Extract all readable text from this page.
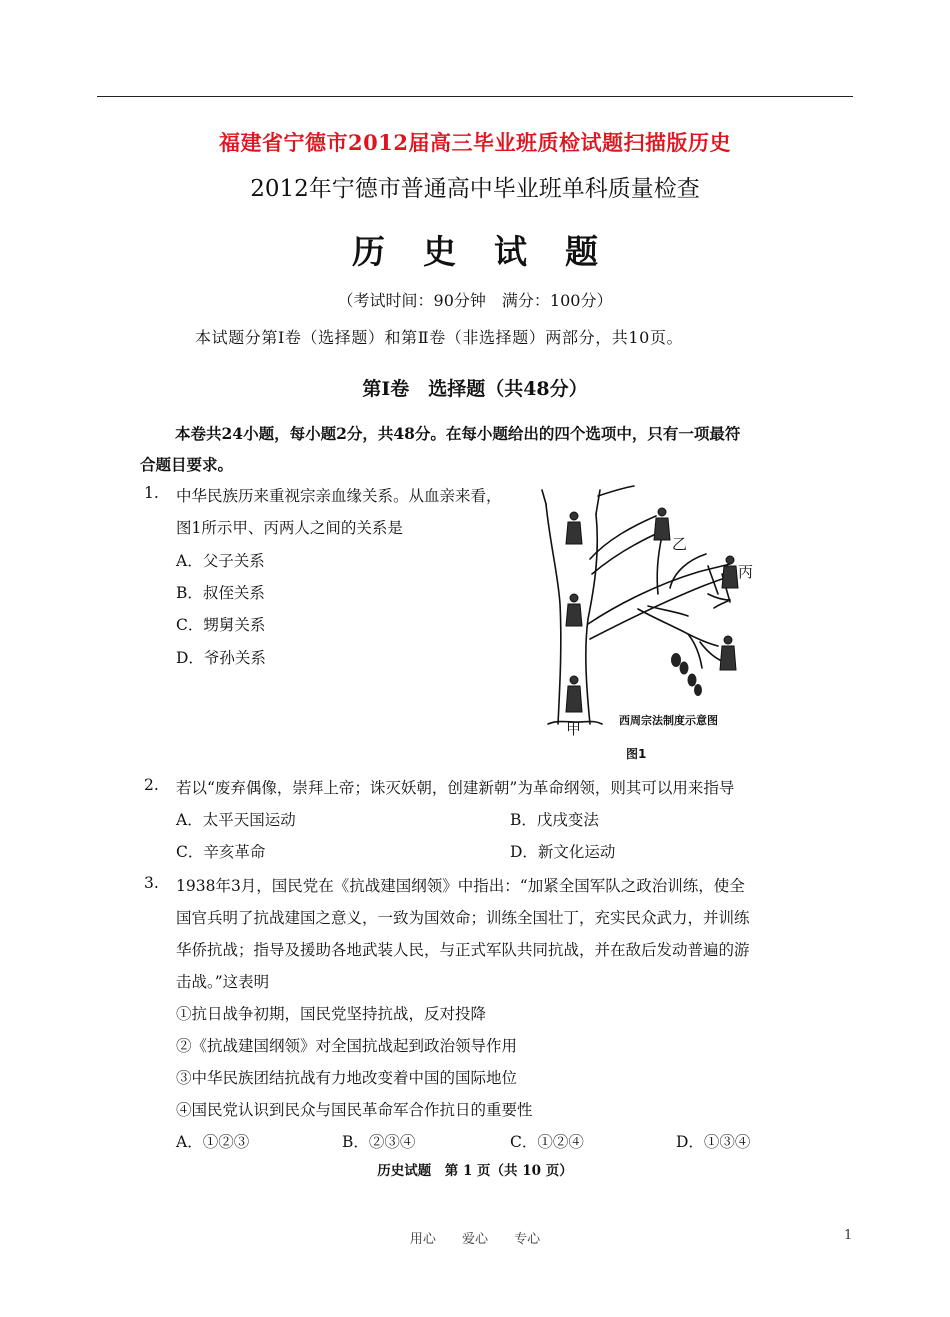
福建省宁德市2012届高三毕业班质检试题扫描版历史
2012年宁德市普通高中毕业班单科质量检查
历史试题
（考试时间：90分钟　满分：100分）
本试题分第Ⅰ卷（选择题）和第Ⅱ卷（非选择题）两部分，共10页。
第Ⅰ卷　选择题（共48分）
本卷共24小题，每小题2分，共48分。在每小题给出的四个选项中，只有一项最符
合题目要求。
1. 中华民族历来重视宗亲血缘关系。从血亲来看，
图1所示甲、丙两人之间的关系是
A．父子关系
B．叔侄关系
C．甥舅关系
D．爷孙关系
乙
丙
甲	西周宗法制度示意图
图1
2. 若以“废弃偶像，崇拜上帝；诛灭妖朝，创建新朝”为革命纲领，则其可以用来指导
A．太平天国运动	B．戊戌变法
C．辛亥革命	D．新文化运动
3. 1938年3月，国民党在《抗战建国纲领》中指出：“加紧全国军队之政治训练，使全
国官兵明了抗战建国之意义，一致为国效命；训练全国壮丁，充实民众武力，并训练
华侨抗战；指导及援助各地武装人民，与正式军队共同抗战，并在敌后发动普遍的游
击战。”这表明
①抗日战争初期，国民党坚持抗战，反对投降
②《抗战建国纲领》对全国抗战起到政治领导作用
③中华民族团结抗战有力地改变着中国的国际地位
④国民党认识到民众与国民革命军合作抗日的重要性
A．①②③	B．②③④	C．①②④	D．①③④
历史试题　第 1 页（共 10 页）
用心 爱心 专心	1
